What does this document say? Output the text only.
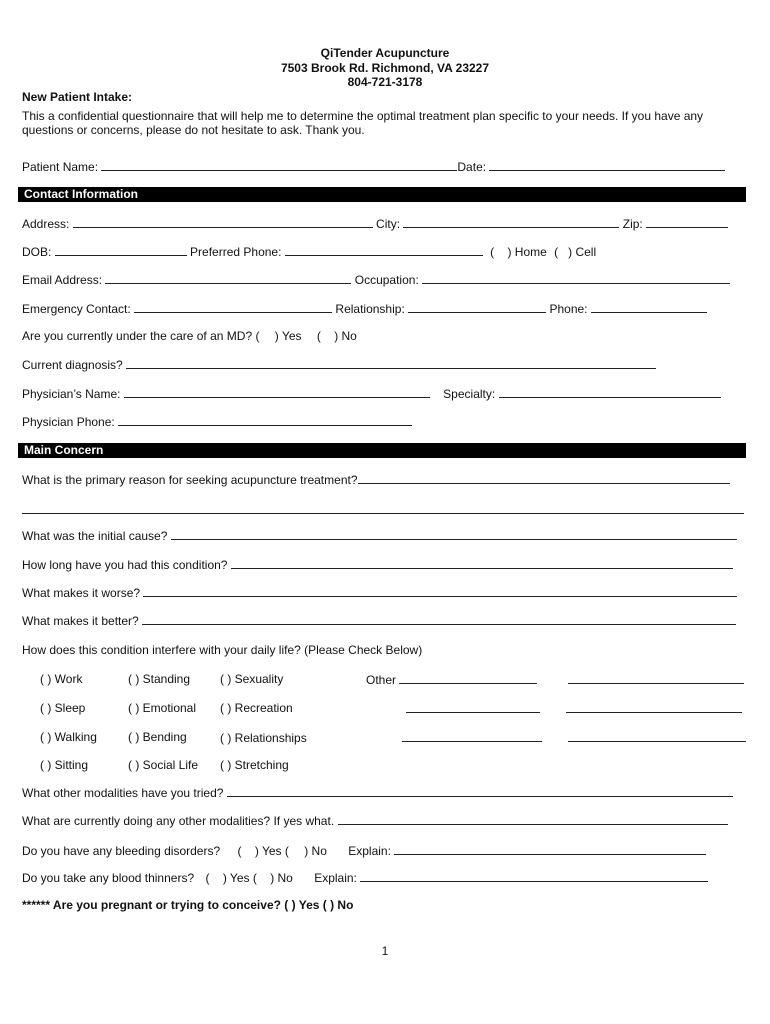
QiTender Acupuncture
7503 Brook Rd. Richmond, VA 23227
804-721-3178
New Patient Intake:
This a confidential questionnaire that will help me to determine the optimal treatment plan specific to your needs. If you have any
questions or concerns, please do not hesitate to ask. Thank you.
Patient Name:	Date:
Contact Information
Address:	City:	Zip:
DOB:	Preferred Phone:	(    ) Home (   ) Cell
Email Address:	Occupation:
Emergency Contact:	Relationship:	Phone:
Are you currently under the care of an MD? ( ) Yes (    ) No
Current diagnosis?
Physician’s Name:	Specialty:
Physician Phone:
Main Concern
What is the primary reason for seeking acupuncture treatment?
What was the initial cause?
How long have you had this condition?
What makes it worse?
What makes it better?
How does this condition interfere with your daily life? (Please Check Below)
( ) Work	( ) Standing ( ) Sexuality	Other
( ) Sleep	( ) Emotional ( ) Recreation
( ) Walking	( ) Bending	( ) Relationships
( ) Sitting	( ) Social Life ( ) Stretching
What other modalities have you tried?
What are currently doing any other modalities? If yes what.
Do you have any bleeding disorders? ( ) Yes ( ) No Explain:
Do you take any blood thinners? ( ) Yes ( ) No Explain:
****** Are you pregnant or trying to conceive? ( ) Yes ( ) No
1
